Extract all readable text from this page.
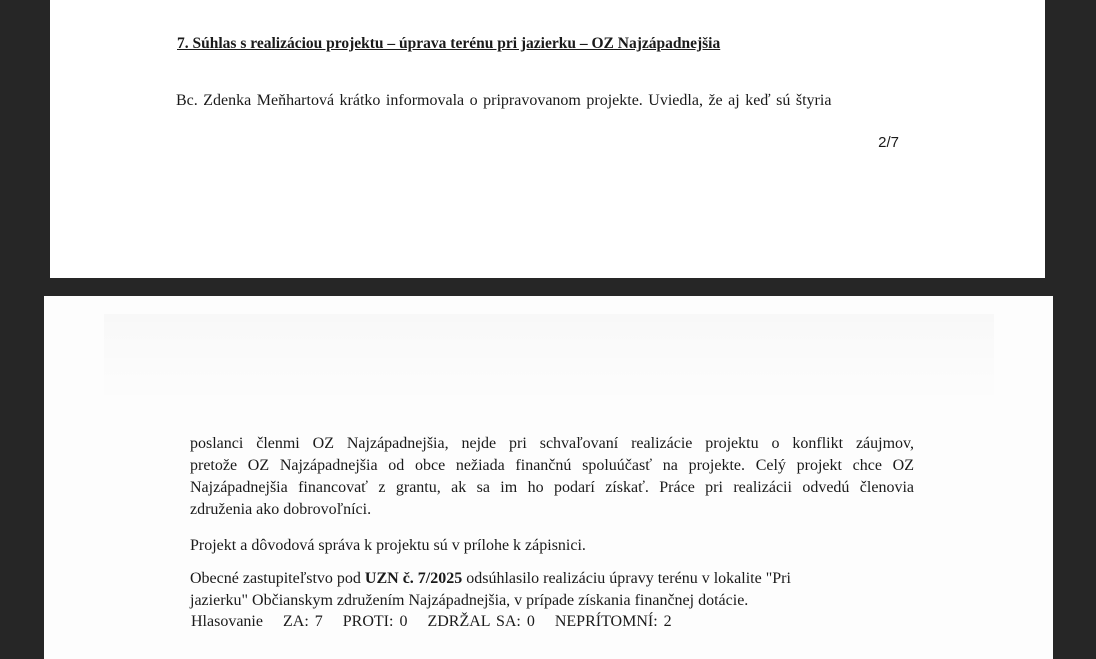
7. Súhlas s realizáciou projektu – úprava terénu pri jazierku – OZ Najzápadnejšia
Bc. Zdenka Meňhartová krátko informovala o pripravovanom projekte. Uviedla, že aj keď sú štyria
2/7
poslanci členmi OZ Najzápadnejšia, nejde pri schvaľovaní realizácie projektu o konflikt záujmov,
pretože OZ Najzápadnejšia od obce nežiada finančnú spoluúčasť na projekte. Celý projekt chce OZ
Najzápadnejšia financovať z grantu, ak sa im ho podarí získať. Práce pri realizácii odvedú členovia
združenia ako dobrovoľníci.
Projekt a dôvodová správa k projektu sú v prílohe k zápisnici.
Obecné zastupiteľstvo pod UZN č. 7/2025 odsúhlasilo realizáciu úpravy terénu v lokalite "Pri
jazierku" Občianskym združením Najzápadnejšia, v prípade získania finančnej dotácie.
Hlasovanie ZA: 7 PROTI: 0 ZDRŽAL SA: 0 NEPRÍTOMNÍ: 2
